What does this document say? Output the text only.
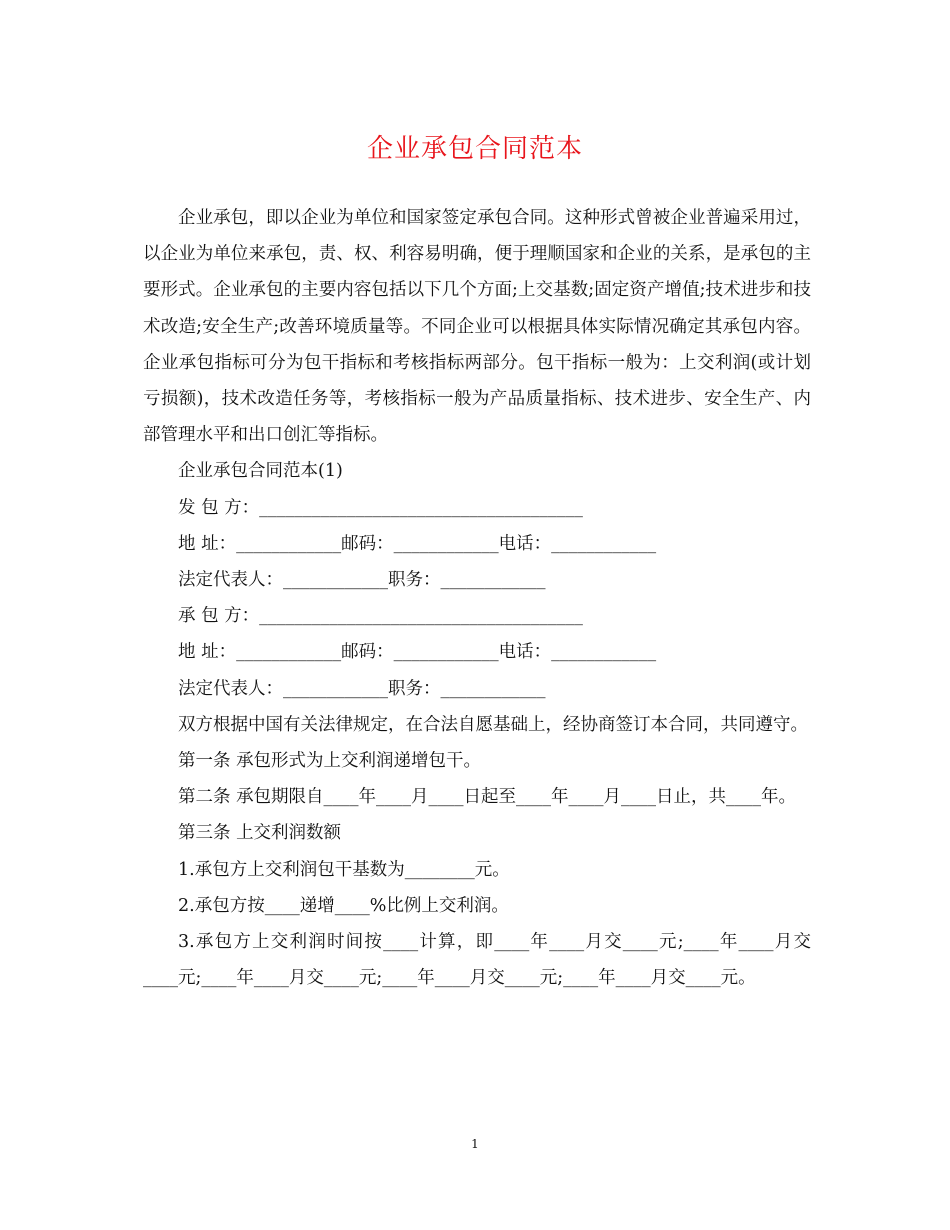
企业承包合同范本

企业承包，即以企业为单位和国家签定承包合同。这种形式曾被企业普遍采用过，以企业为单位来承包，责、权、利容易明确，便于理顺国家和企业的关系，是承包的主要形式。企业承包的主要内容包括以下几个方面;上交基数;固定资产增值;技术进步和技术改造;安全生产;改善环境质量等。不同企业可以根据具体实际情况确定其承包内容。企业承包指标可分为包干指标和考核指标两部分。包干指标一般为：上交利润(或计划亏损额)，技术改造任务等，考核指标一般为产品质量指标、技术进步、安全生产、内部管理水平和出口创汇等指标。

企业承包合同范本(1)

发 包 方：_____________________________________

地 址：____________邮码：____________电话：____________

法定代表人：____________职务：____________

承 包 方：_____________________________________

地 址：____________邮码：____________电话：____________

法定代表人：____________职务：____________

双方根据中国有关法律规定，在合法自愿基础上，经协商签订本合同，共同遵守。

第一条 承包形式为上交利润递增包干。

第二条 承包期限自____年____月____日起至____年____月____日止，共____年。

第三条 上交利润数额

1.承包方上交利润包干基数为________元。

2.承包方按____递增____%比例上交利润。

3.承包方上交利润时间按____计算，即____年____月交____元;____年____月交____元;____年____月交____元;____年____月交____元;____年____月交____元。

1
